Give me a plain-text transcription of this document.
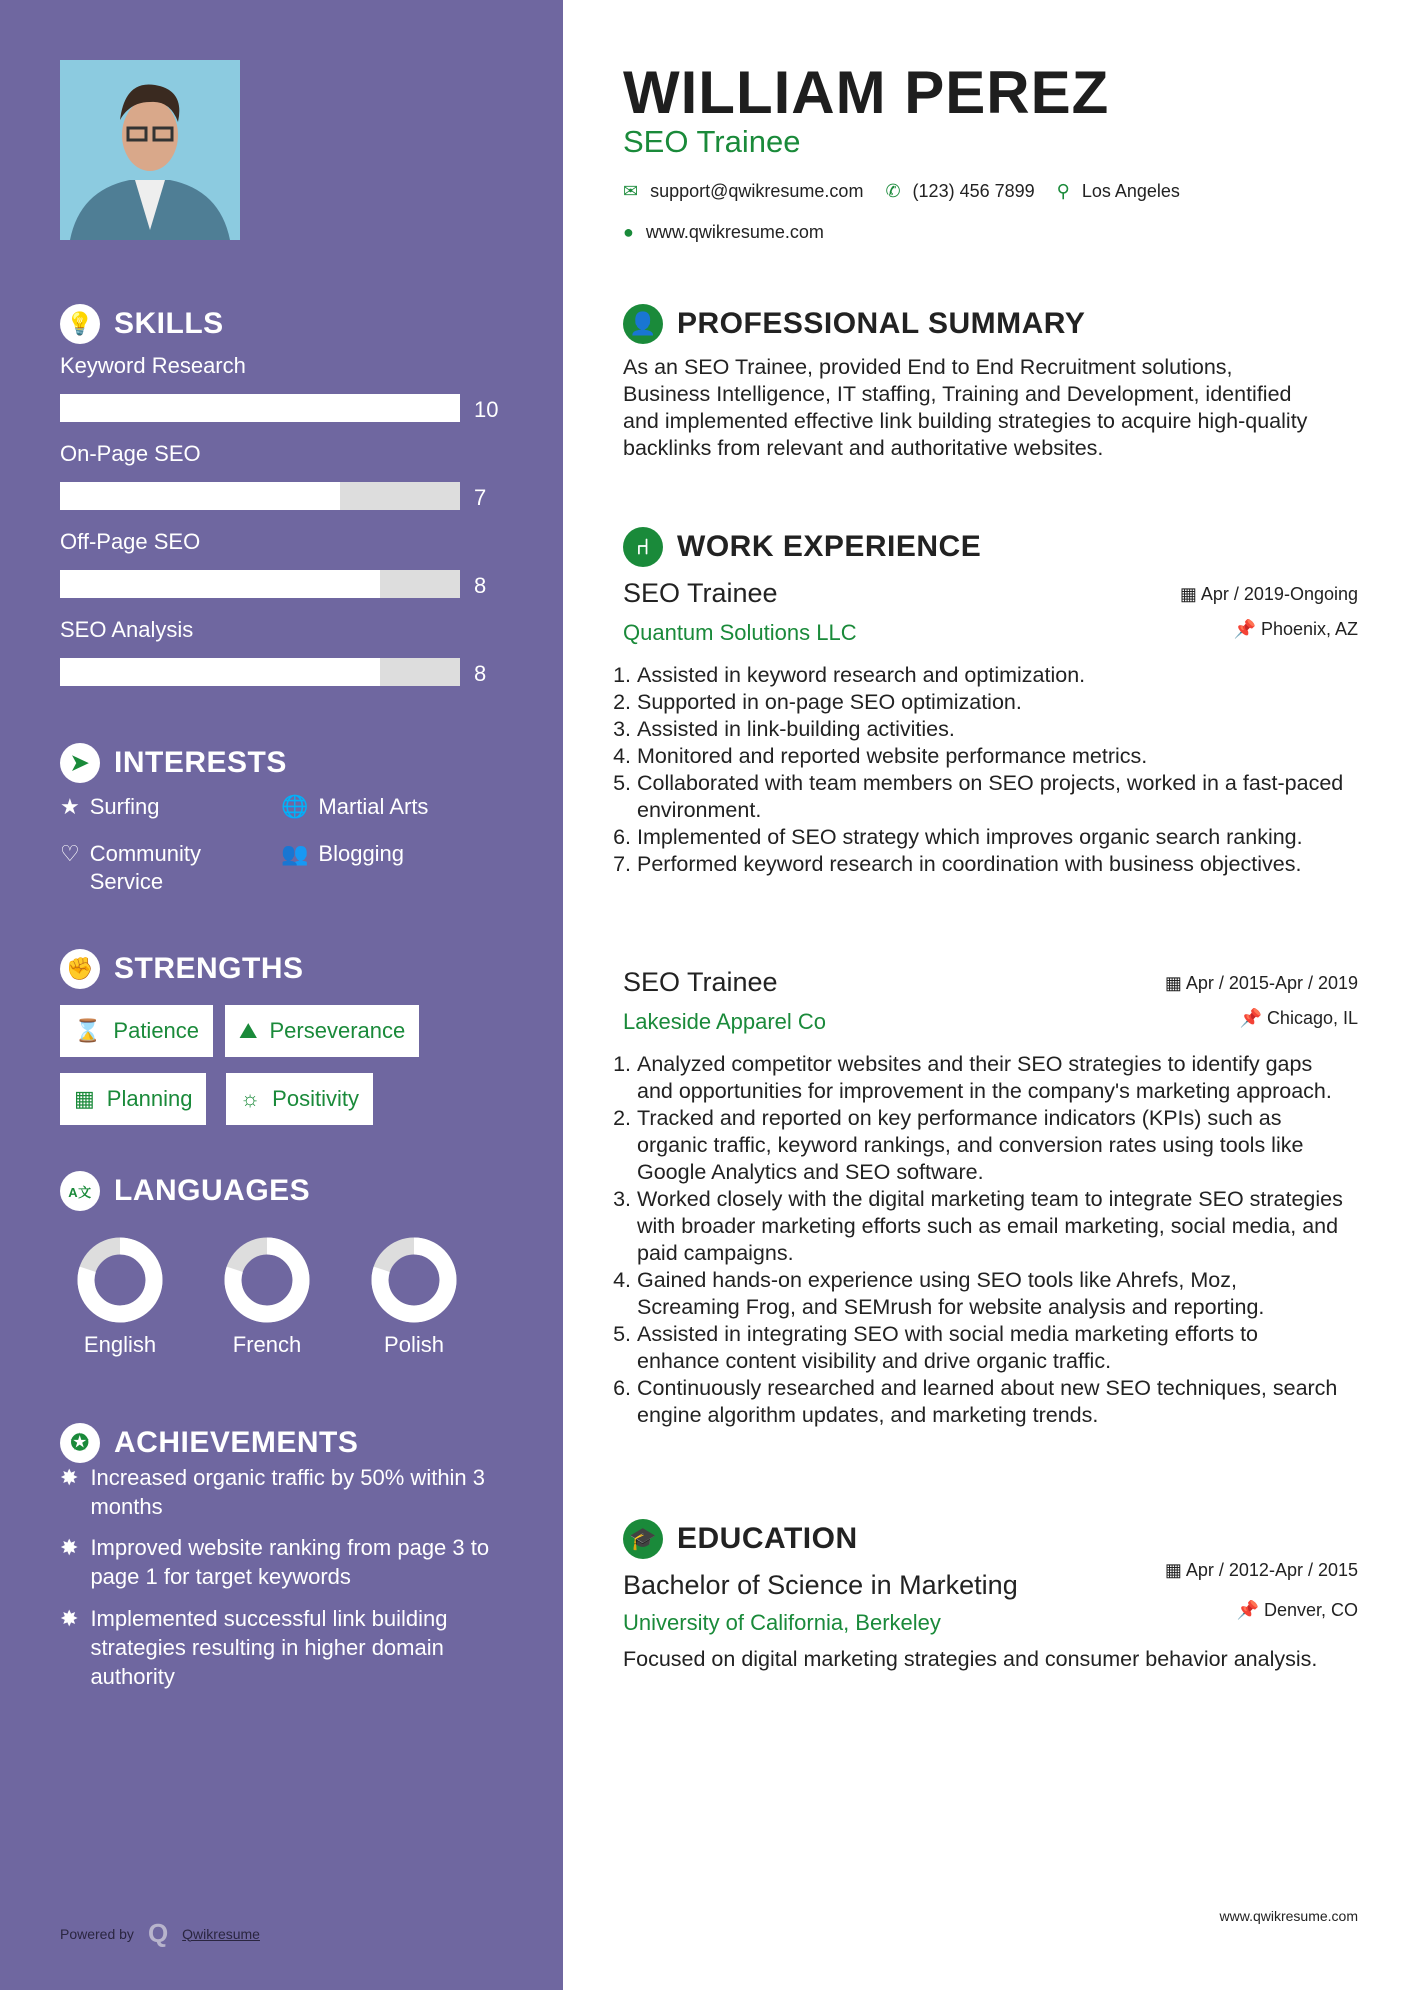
💡 SKILLS
Keyword Research
10
On-Page SEO
7
Off-Page SEO
8
SEO Analysis
8
➤ INTERESTS
★ Surfing	🌐 Martial Arts
♡ Community Service
👥 Blogging
✊ STRENGTHS
⌛ Patience ⛰ Perseverance
▦ Planning ☼ Positivity
A文 LANGUAGES
English	French	Polish
✪ ACHIEVEMENTS
✸ Increased organic traffic by 50% within 3 months
✸ Improved website ranking from page 3 to page 1 for target keywords
✸ Implemented successful link building strategies resulting in higher domain authority
Powered by Q Qwikresume
WILLIAM PEREZ
SEO Trainee
✉ support@qwikresume.com ✆ (123) 456 7899 ⚲ Los Angeles
● www.qwikresume.com
👤 PROFESSIONAL SUMMARY

As an SEO Trainee, provided End to End Recruitment solutions, Business Intelligence, IT staffing, Training and Development, identified and implemented effective link building strategies to acquire high-quality backlinks from relevant and authoritative websites.

⑁ WORK EXPERIENCE
SEO Trainee	▦ Apr / 2019-Ongoing
Quantum Solutions LLC	📌 Phoenix, AZ
1. Assisted in keyword research and optimization.
2. Supported in on-page SEO optimization.
3. Assisted in link-building activities.
4. Monitored and reported website performance metrics.
5. Collaborated with team members on SEO projects, worked in a fast-paced environment.
6. Implemented of SEO strategy which improves organic search ranking.
7. Performed keyword research in coordination with business objectives.
SEO Trainee	▦ Apr / 2015-Apr / 2019
Lakeside Apparel Co	📌 Chicago, IL
1. Analyzed competitor websites and their SEO strategies to identify gaps and opportunities for improvement in the company's marketing approach.
2. Tracked and reported on key performance indicators (KPIs) such as organic traffic, keyword rankings, and conversion rates using tools like Google Analytics and SEO software.
3. Worked closely with the digital marketing team to integrate SEO strategies with broader marketing efforts such as email marketing, social media, and paid campaigns.
4. Gained hands-on experience using SEO tools like Ahrefs, Moz, Screaming Frog, and SEMrush for website analysis and reporting.
5. Assisted in integrating SEO with social media marketing efforts to enhance content visibility and drive organic traffic.
6. Continuously researched and learned about new SEO techniques, search engine algorithm updates, and marketing trends.
🎓 EDUCATION
Bachelor of Science in Marketing	▦ Apr / 2012-Apr / 2015
University of California, Berkeley	📌 Denver, CO

Focused on digital marketing strategies and consumer behavior analysis.

www.qwikresume.com
